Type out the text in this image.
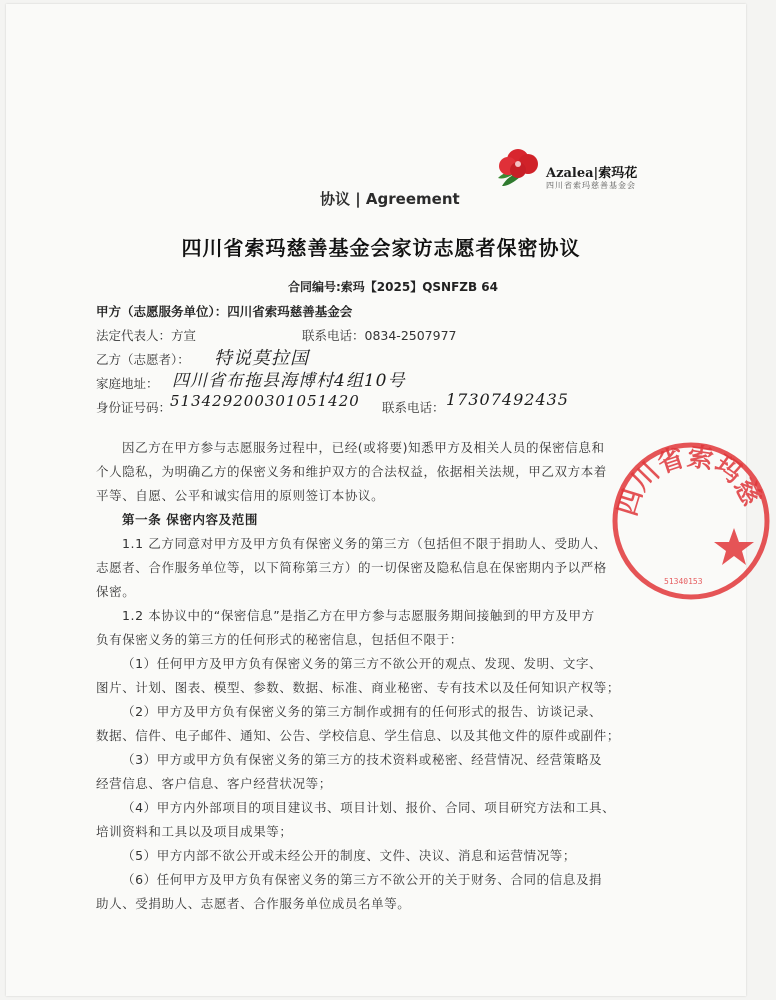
Azalea|索玛花
四川省索玛慈善基金会
协议 | Agreement
四川省索玛慈善基金会家访志愿者保密协议
合同编号:索玛【2025】QSNFZB 64
甲方（志愿服务单位）：四川省索玛慈善基金会
法定代表人：方宣	联系电话：0834-2507977
乙方（志愿者）： 特说莫拉国
家庭地址： 四川省布拖县海博村4组10号
身份证号码：
513429200301051420 联系电话： 17307492435
因乙方在甲方参与志愿服务过程中，已经(或将要)知悉甲方及相关人员的保密信息和
个人隐私，为明确乙方的保密义务和维护双方的合法权益，依据相关法规，甲乙双方本着
平等、自愿、公平和诚实信用的原则签订本协议。
第一条 保密内容及范围
1.1 乙方同意对甲方及甲方负有保密义务的第三方（包括但不限于捐助人、受助人、
志愿者、合作服务单位等，以下简称第三方）的一切保密及隐私信息在保密期内予以严格
保密。
1.2 本协议中的“保密信息”是指乙方在甲方参与志愿服务期间接触到的甲方及甲方
负有保密义务的第三方的任何形式的秘密信息，包括但不限于：
（1）任何甲方及甲方负有保密义务的第三方不欲公开的观点、发现、发明、文字、
图片、计划、图表、模型、参数、数据、标准、商业秘密、专有技术以及任何知识产权等；
（2）甲方及甲方负有保密义务的第三方制作或拥有的任何形式的报告、访谈记录、
数据、信件、电子邮件、通知、公告、学校信息、学生信息、以及其他文件的原件或副件；
（3）甲方或甲方负有保密义务的第三方的技术资料或秘密、经营情况、经营策略及
经营信息、客户信息、客户经营状况等；
（4）甲方内外部项目的项目建议书、项目计划、报价、合同、项目研究方法和工具、
培训资料和工具以及项目成果等；
（5）甲方内部不欲公开或未经公开的制度、文件、决议、消息和运营情况等；
（6）任何甲方及甲方负有保密义务的第三方不欲公开的关于财务、合同的信息及捐
助人、受捐助人、志愿者、合作服务单位成员名单等。
四川省索玛慈
51340153
